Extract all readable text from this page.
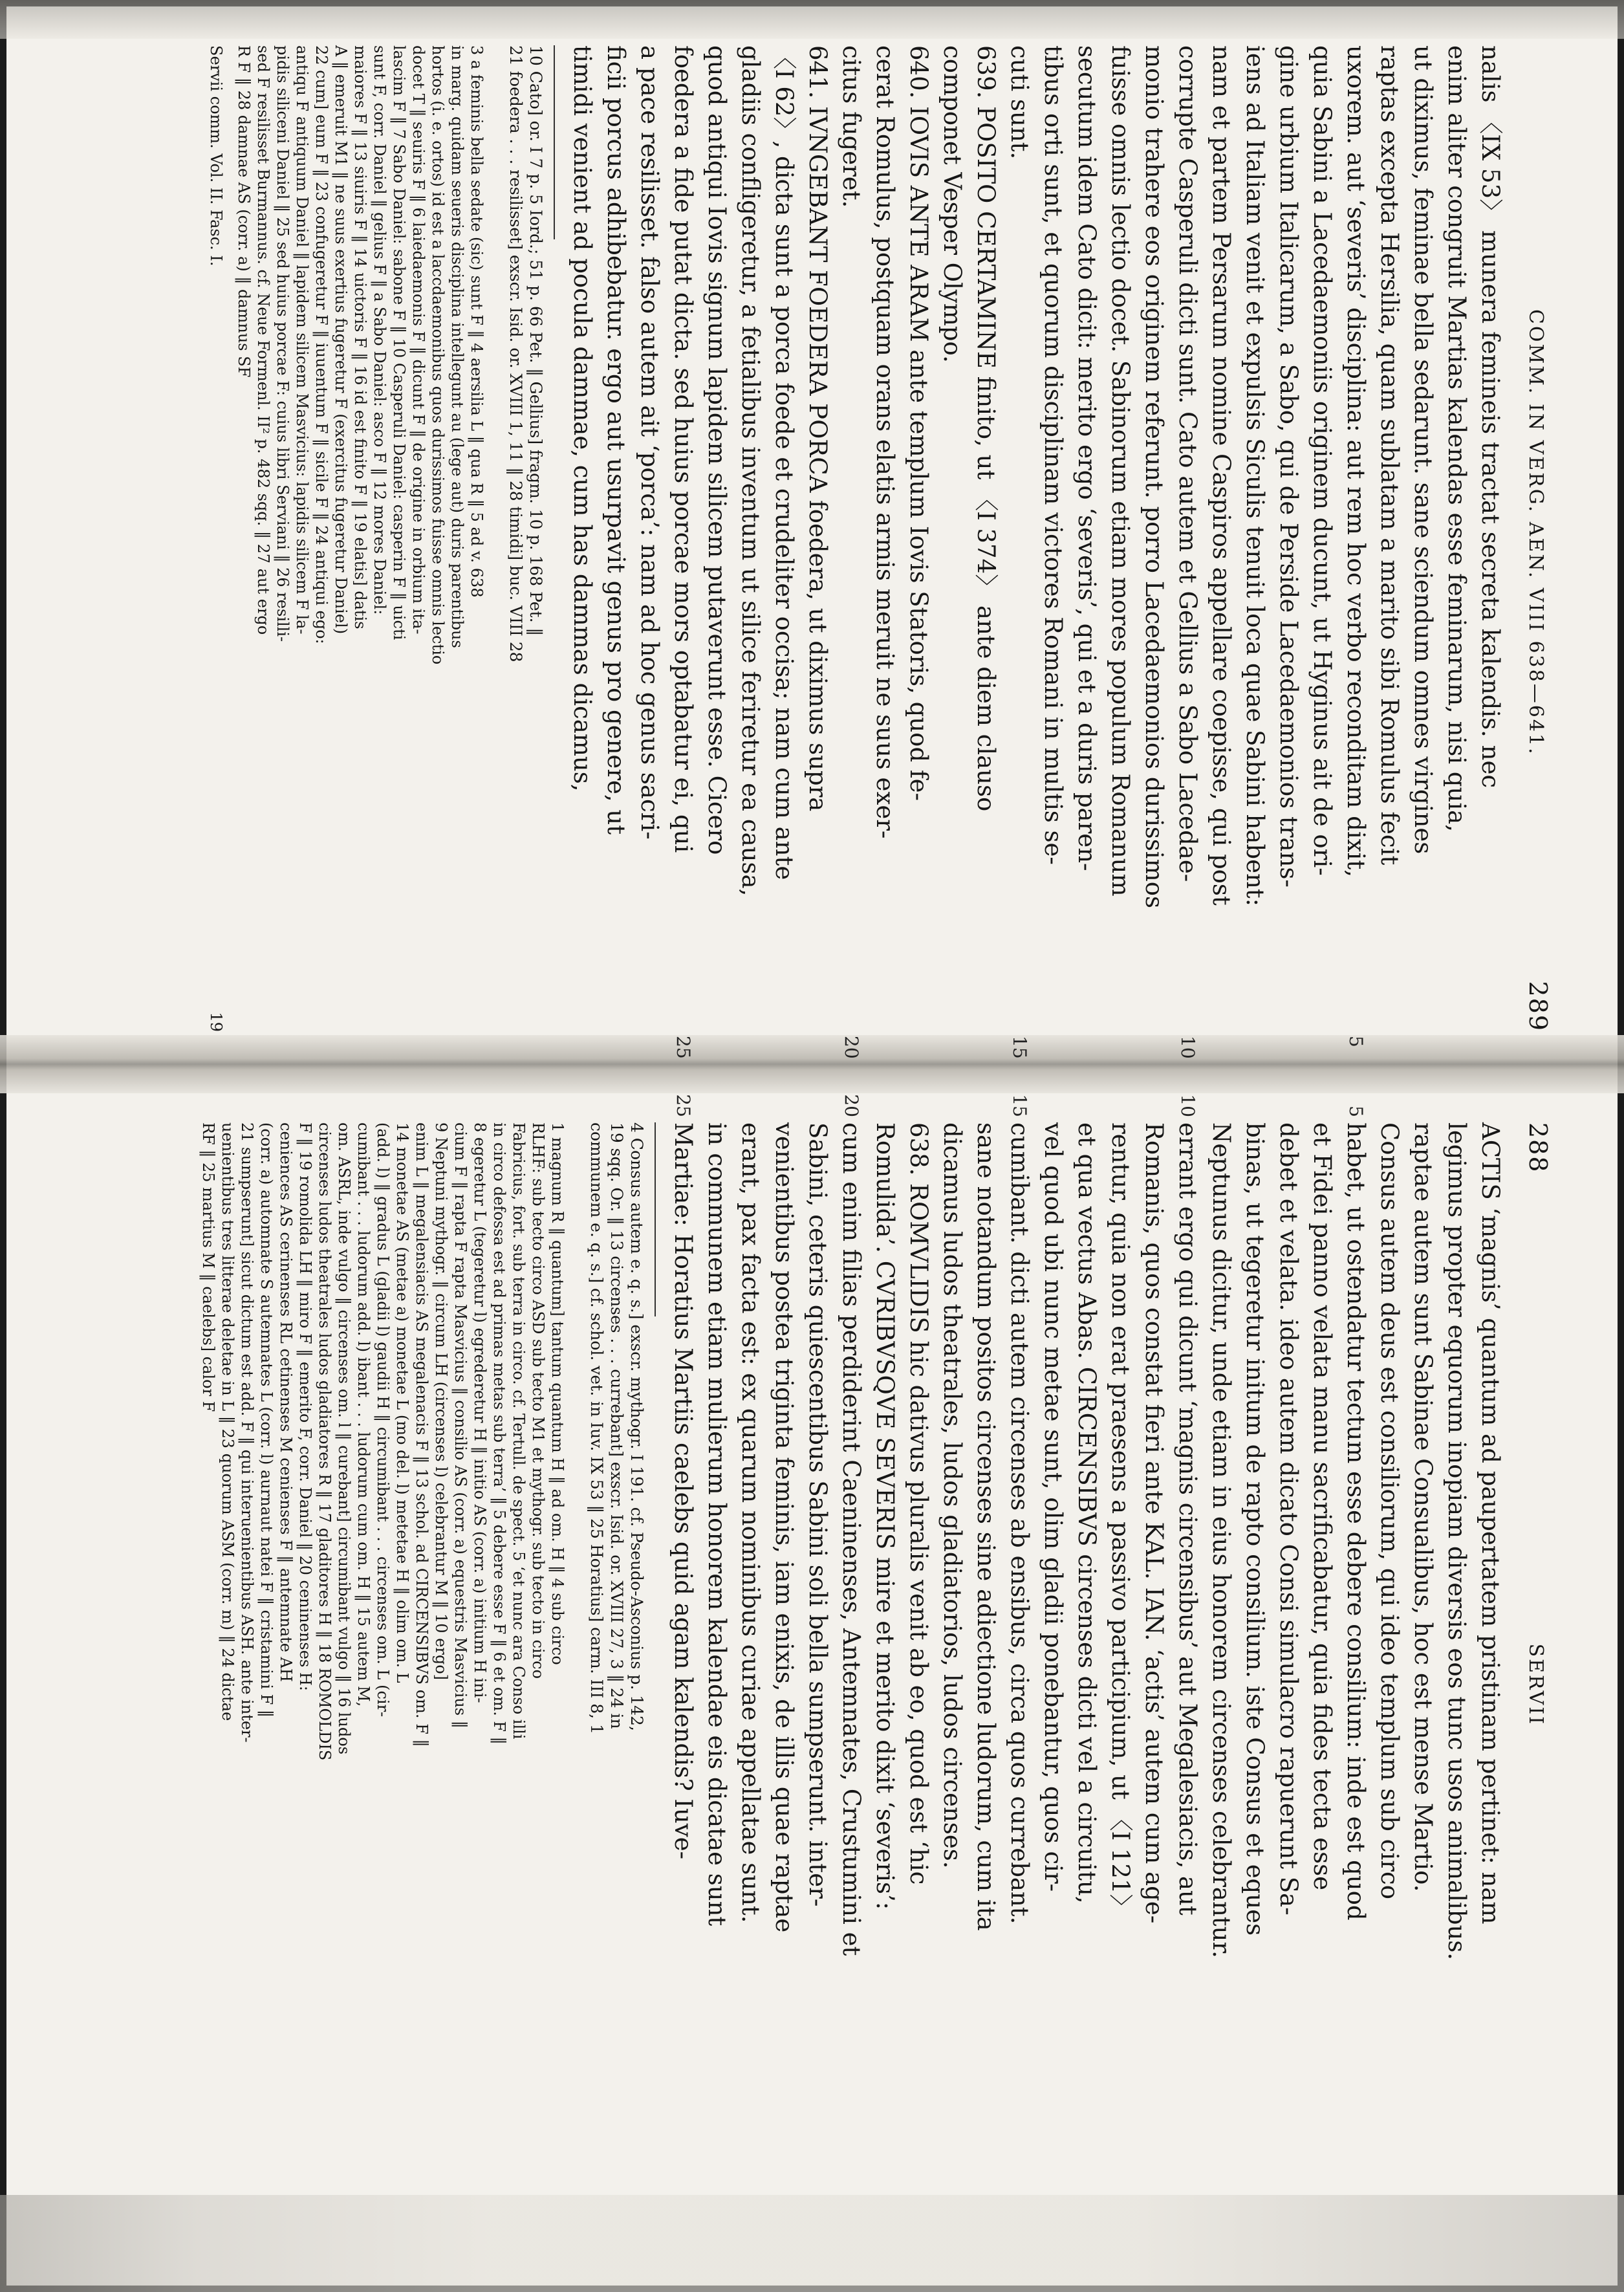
288
SERVII
ACTIS ‘magnis’ quantum ad paupertatem pristinam pertinet: nam
legimus propter equorum inopiam diversis eos tunc usos animalibus.
raptae autem sunt Sabinae Consualibus, hoc est mense Martio.
Consus autem deus est consiliorum, qui ideo templum sub circo
5
habet, ut ostendatur tectum esse debere consilium: inde est quod
et Fidei panno velata manu sacrificabatur, quia fides tecta esse
debet et velata. ideo autem dicato Consi simulacro rapuerunt Sa-
binas, ut tegeretur initum de rapto consilium. iste Consus et eques
Neptunus dicitur, unde etiam in eius honorem circenses celebrantur.
10
errant ergo qui dicunt ‘magnis circensibus’ aut Megalesiacis, aut
Romanis, quos constat fieri ante KAL. IAN. ‘actis’ autem cum age-
rentur, quia non erat praesens a passivo participium, ut 〈I 121〉
et qua vectus Abas. CIRCENSIBVS circenses dicti vel a circuitu,
vel quod ubi nunc metae sunt, olim gladii ponebantur, quos cir-
15
cumibant. dicti autem circenses ab ensibus, circa quos currebant.
sane notandum positos circenses sine adiectione ludorum, cum ita
dicamus ludos theatrales, ludos gladiatorios, ludos circenses.
638. ROMVLIDIS hic dativus pluralis venit ab eo, quod est ‘hic
Romulida’. CVRIBVSQVE SEVERIS mire et merito dixit ‘severis’:
20
cum enim filias perdiderint Caeninenses, Antemnates, Crustumini et
Sabini, ceteris quiescentibus Sabini soli bella sumpserunt. inter-
venientibus postea triginta feminis, iam enixis, de illis quae raptae
erant, pax facta est: ex quarum nominibus curiae appellatae sunt.
in communem etiam mulierum honorem kalendae eis dicatae sunt
25
Martiae: Horatius Martiis caelebs quid agam kalendis? Iuve-
4 Consus autem e. q. s.] exscr. mythogr. I 191. cf. Pseudo-Asconius p. 142,
19 sqq. Or. ‖ 13 circenses . . . currebant] exscr. Isid. or. XVIII 27, 3 ‖ 24 in
communem e. q. s.] cf. schol. vet. in Iuv. IX 53 ‖ 25 Horatius] carm. III 8, 1
1 magnum R ‖ quantum] tantum quantum H ‖ ad om. H ‖ 4 sub circo
RLHF: sub tecto circo ASD sub tecto M1 et mythogr. sub tecto in circo
Fabricius, fort. sub terra in circo. cf. Tertull. de spect. 5 ‘et nunc ara Conso illi
in circo defossa est ad primas metas sub terra’ ‖ 5 debere esse F ‖ 6 et om. F ‖
8 egeretur L (tegeretur l) egrederetur H ‖ initio AS (corr. a) initium H ini-
cium F ‖ rapta F rapta Masvicius ‖ consilio AS (corr. a) equestris Masvicius ‖
9 Neptuni mythogr. ‖ circum LH (circenses l) celebrantur M ‖ 10 ergo]
enim L ‖ megalensiacis AS megalenacis F ‖ 13 schol. ad CIRCENSIBVS om. F ‖
14 monetae AS (metae a) monetae L (mo del. l) metetae H ‖ olim om. L
(add. l) ‖ gradus L (gladii l) gaudii H ‖ circumibant . . . circenses om. L (cir-
cumibant . . . ludorum add. l) ibant . . . ludorum cum om. H ‖ 15 autem M,
om. ASRL, inde vulgo ‖ circenses om. l ‖ curebant] circumibant vulgo ‖ 16 ludos
circenses ludos theatrales ludos gladiatores R ‖ 17 gladitores H ‖ 18 ROMOLDIS
F ‖ 19 romolida LH ‖ miro F ‖ emerito F, corr. Daniel ‖ 20 ceninenses H:
ceniences AS cerinenses RL cetinenses M cenienses F ‖ antemnate AH
(corr. a) automnate S autemnates L (corr. l) aurnaut natei F ‖ cristamini F ‖
21 sumpserunt] sicut dictum est add. F ‖ qui interuenientibus ASH. ante inter-
uenientibus tres litterae deletae in L ‖ 23 quorum ASM (corr. m) ‖ 24 dictae
RF ‖ 25 martius M ‖ caelebs] calor F
COMM. IN VERG. AEN. VIII 638—641.
289
nalis 〈IX 53〉 munera femineis tractat secreta kalendis. nec
enim aliter congruit Martias kalendas esse feminarum, nisi quia,
ut diximus, feminae bella sedarunt. sane sciendum omnes virgines
raptas excepta Hersilia, quam sublatam a marito sibi Romulus fecit
5
uxorem. aut ‘severis’ disciplina: aut rem hoc verbo reconditam dixit,
quia Sabini a Lacedaemoniis originem ducunt, ut Hyginus ait de ori-
gine urbium Italicarum, a Sabo, qui de Perside Lacedaemonios trans-
iens ad Italiam venit et expulsis Siculis tenuit loca quae Sabini habent:
nam et partem Persarum nomine Caspiros appellare coepisse, qui post
10
corrupte Casperuli dicti sunt. Cato autem et Gellius a Sabo Lacedae-
monio trahere eos originem referunt. porro Lacedaemonios durissimos
fuisse omnis lectio docet. Sabinorum etiam mores populum Romanum
secutum idem Cato dicit: merito ergo ‘severis’, qui et a duris paren-
tibus orti sunt, et quorum disciplinam victores Romani in multis se-
15
cuti sunt.
639. POSITO CERTAMINE finito, ut 〈I 374〉 ante diem clauso
componet Vesper Olympo.
640. IOVIS ANTE ARAM ante templum Iovis Statoris, quod fe-
cerat Romulus, postquam orans elatis armis meruit ne suus exer-
20
citus fugeret.
641. IVNGEBANT FOEDERA PORCA foedera, ut diximus supra
〈I 62〉, dicta sunt a porca foede et crudeliter occisa; nam cum ante
gladiis confligeretur, a fetialibus inventum ut silice feriretur ea causa,
quod antiqui Iovis signum lapidem silicem putaverunt esse. Cicero
25
foedera a fide putat dicta. sed huius porcae mors optabatur ei, qui
a pace resilisset. falso autem ait ‘porca’: nam ad hoc genus sacri-
ficii porcus adhibebatur. ergo aut usurpavit genus pro genere, ut
timidi venient ad pocula dammae, cum has dammas dicamus,
10 Cato] or. I 7 p. 5 Iord.; 51 p. 66 Pet. ‖ Gellius] fragm. 10 p. 168 Pet. ‖
21 foedera . . . resilisset] exscr. Isid. or. XVIII 1, 11 ‖ 28 timidi] buc. VIII 28
3 a feminis bella sedate (sic) sunt F ‖ 4 aersilia L ‖ qua R ‖ 5 ad v. 638
in marg. quidam seueris disciplina intellegunt au (lege aut) duris parentibus
hortos (i. e. ortos) id est a laccdaemonibus quos durissimos fuisse omnis lectio
docet T ‖ seuiris F ‖ 6 laiedaemonis F ‖ dicunt F ‖ de origine in orbium ita-
lascim F ‖ 7 Sabo Daniel: sabone F ‖ 10 Casperuli Daniel: casperin F ‖ uicti
sunt F, corr. Daniel ‖ gelius F ‖ a Sabo Daniel: asco F ‖ 12 mores Daniel:
maiores F ‖ 13 siuiris F ‖ 14 uictoris F ‖ 16 id est finito F ‖ 19 elatis] datis
A ‖ emeruit M1 ‖ ne suus exertius fugeretur F (exercitus fugeretur Daniel)
22 cum] eum F ‖ 23 confugeretur F ‖ iuuentum F ‖ sicile F ‖ 24 antiqui ego:
antiqu F antiquum Daniel ‖ lapidem silicem Masvicius: lapidis silicem F la-
pidis siliceni Daniel ‖ 25 sed huius porcae F: cuius libri Serviani ‖ 26 resilli-
sed F resilisset Burmannus. cf. Neue Formenl. II² p. 482 sqq. ‖ 27 aut ergo
R F ‖ 28 damnae AS (corr. a) ‖ damnus SF
Servii comm. Vol. II. Fasc. I.
19
